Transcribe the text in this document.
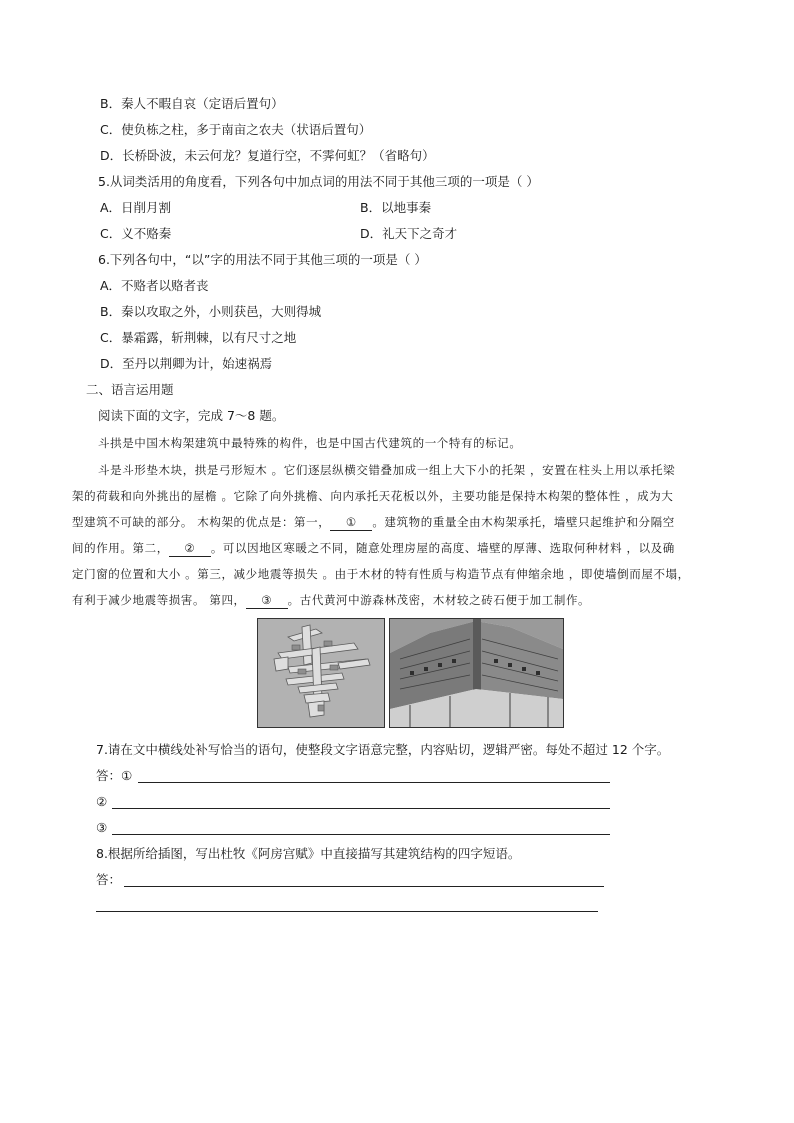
B．秦人不暇自哀（定语后置句）
C．使负栋之柱，多于南亩之农夫（状语后置句）
D．长桥卧波，未云何龙？复道行空，不霁何虹？（省略句）
5.从词类活用的角度看，下列各句中加点词的用法不同于其他三项的一项是（ ）
A．日削月割	B．以地事秦
C．义不赂秦	D．礼天下之奇才
6.下列各句中，“以”字的用法不同于其他三项的一项是（ ）
A．不赂者以赂者丧
B．秦以攻取之外，小则获邑，大则得城
C．暴霜露，斩荆棘，以有尺寸之地
D．至丹以荆卿为计，始速祸焉
二、语言运用题
阅读下面的文字，完成 7～8 题。
斗拱是中国木构架建筑中最特殊的构件，也是中国古代建筑的一个特有的标记。
斗是斗形垫木块，拱是弓形短木 。它们逐层纵横交错叠加成一组上大下小的托架 ，安置在柱头上用以承托梁
架的荷载和向外挑出的屋檐 。它除了向外挑檐、向内承托天花板以外，主要功能是保持木构架的整体性 ，成为大
型建筑不可缺的部分。 木构架的优点是：第一， ① 。建筑物的重量全由木构架承托，墙壁只起维护和分隔空
间的作用。第二， ② 。可以因地区寒暖之不同，随意处理房屋的高度、墙壁的厚薄、选取何种材料 ，以及确
定门窗的位置和大小 。第三，减少地震等损失 。由于木材的特有性质与构造节点有伸缩余地 ，即使墙倒而屋不塌，
有利于减少地震等损害。 第四， ③ 。古代黄河中游森林茂密，木材较之砖石便于加工制作。
7.请在文中横线处补写恰当的语句，使整段文字语意完整，内容贴切，逻辑严密。每处不超过 12 个字。
答：①
②
③
8.根据所给插图，写出杜牧《阿房宫赋》中直接描写其建筑结构的四字短语。
答：
